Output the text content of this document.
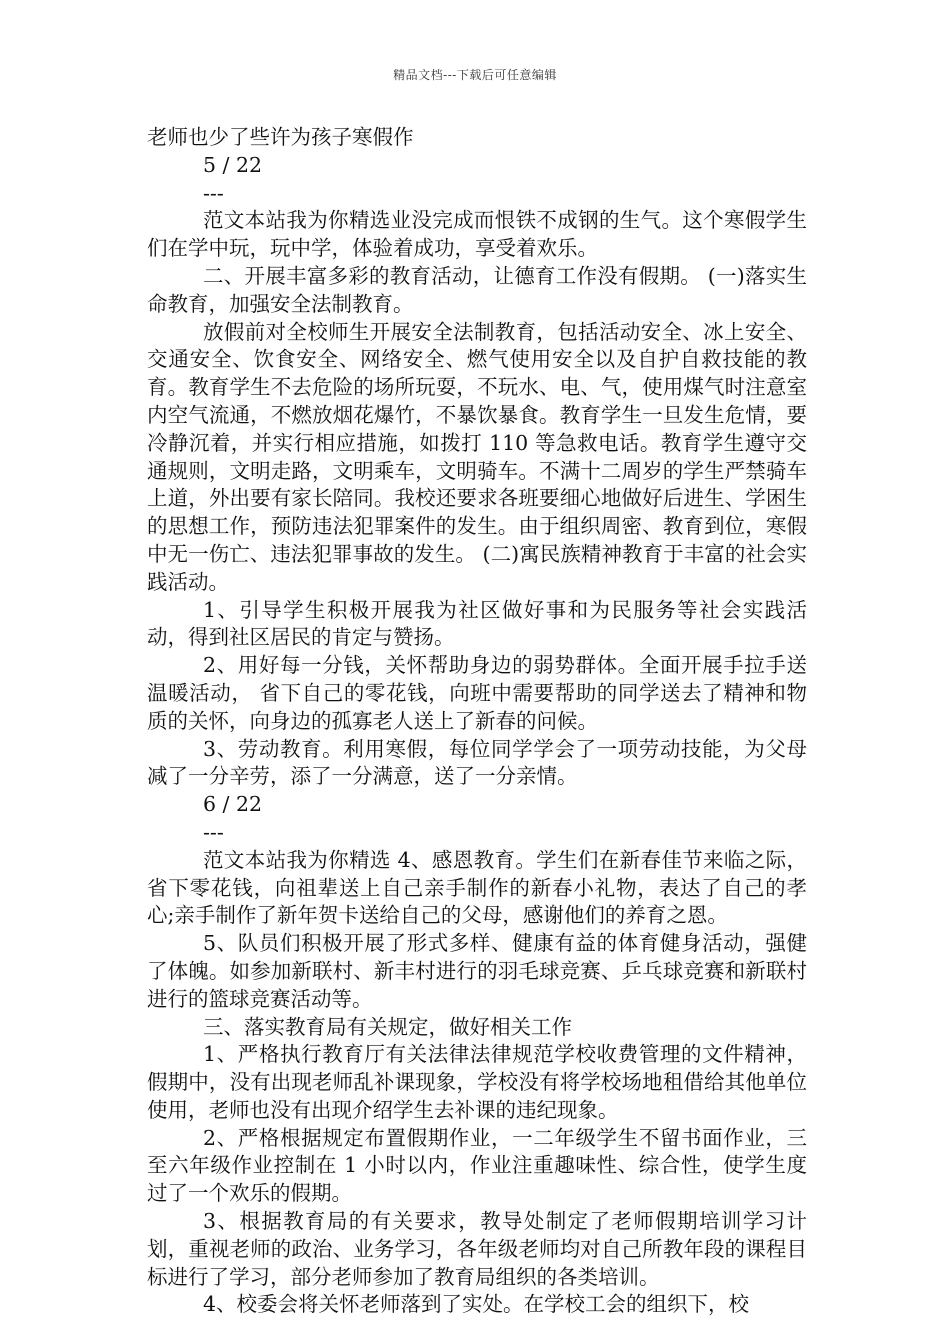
精品文档---下载后可任意编辑

老师也少了些许为孩子寒假作

5 / 22

---

范文本站我为你精选业没完成而恨铁不成钢的生气。这个寒假学生们在学中玩，玩中学，体验着成功，享受着欢乐。

二、开展丰富多彩的教育活动，让德育工作没有假期。 (一)落实生命教育，加强安全法制教育。

放假前对全校师生开展安全法制教育，包括活动安全、冰上安全、交通安全、饮食安全、网络安全、燃气使用安全以及自护自救技能的教育。教育学生不去危险的场所玩耍，不玩水、电、气，使用煤气时注意室内空气流通，不燃放烟花爆竹，不暴饮暴食。教育学生一旦发生危情，要冷静沉着，并实行相应措施，如拨打 110 等急救电话。教育学生遵守交通规则，文明走路，文明乘车，文明骑车。不满十二周岁的学生严禁骑车上道，外出要有家长陪同。我校还要求各班要细心地做好后进生、学困生的思想工作，预防违法犯罪案件的发生。由于组织周密、教育到位，寒假中无一伤亡、违法犯罪事故的发生。 (二)寓民族精神教育于丰富的社会实践活动。

1、引导学生积极开展我为社区做好事和为民服务等社会实践活动，得到社区居民的肯定与赞扬。

2、用好每一分钱，关怀帮助身边的弱势群体。全面开展手拉手送温暖活动， 省下自己的零花钱，向班中需要帮助的同学送去了精神和物质的关怀，向身边的孤寡老人送上了新春的问候。

3、劳动教育。利用寒假，每位同学学会了一项劳动技能，为父母减了一分辛劳，添了一分满意，送了一分亲情。

6 / 22

---

范文本站我为你精选 4、感恩教育。学生们在新春佳节来临之际，省下零花钱，向祖辈送上自己亲手制作的新春小礼物，表达了自己的孝心;亲手制作了新年贺卡送给自己的父母，感谢他们的养育之恩。

5、队员们积极开展了形式多样、健康有益的体育健身活动，强健了体魄。如参加新联村、新丰村进行的羽毛球竞赛、乒乓球竞赛和新联村进行的篮球竞赛活动等。

三、落实教育局有关规定，做好相关工作

1、严格执行教育厅有关法律法律规范学校收费管理的文件精神，假期中，没有出现老师乱补课现象，学校没有将学校场地租借给其他单位使用，老师也没有出现介绍学生去补课的违纪现象。

2、严格根据规定布置假期作业，一二年级学生不留书面作业，三至六年级作业控制在 1 小时以内，作业注重趣味性、综合性，使学生度过了一个欢乐的假期。

3、根据教育局的有关要求，教导处制定了老师假期培训学习计划，重视老师的政治、业务学习，各年级老师均对自己所教年段的课程目标进行了学习，部分老师参加了教育局组织的各类培训。

4、校委会将关怀老师落到了实处。在学校工会的组织下，校
